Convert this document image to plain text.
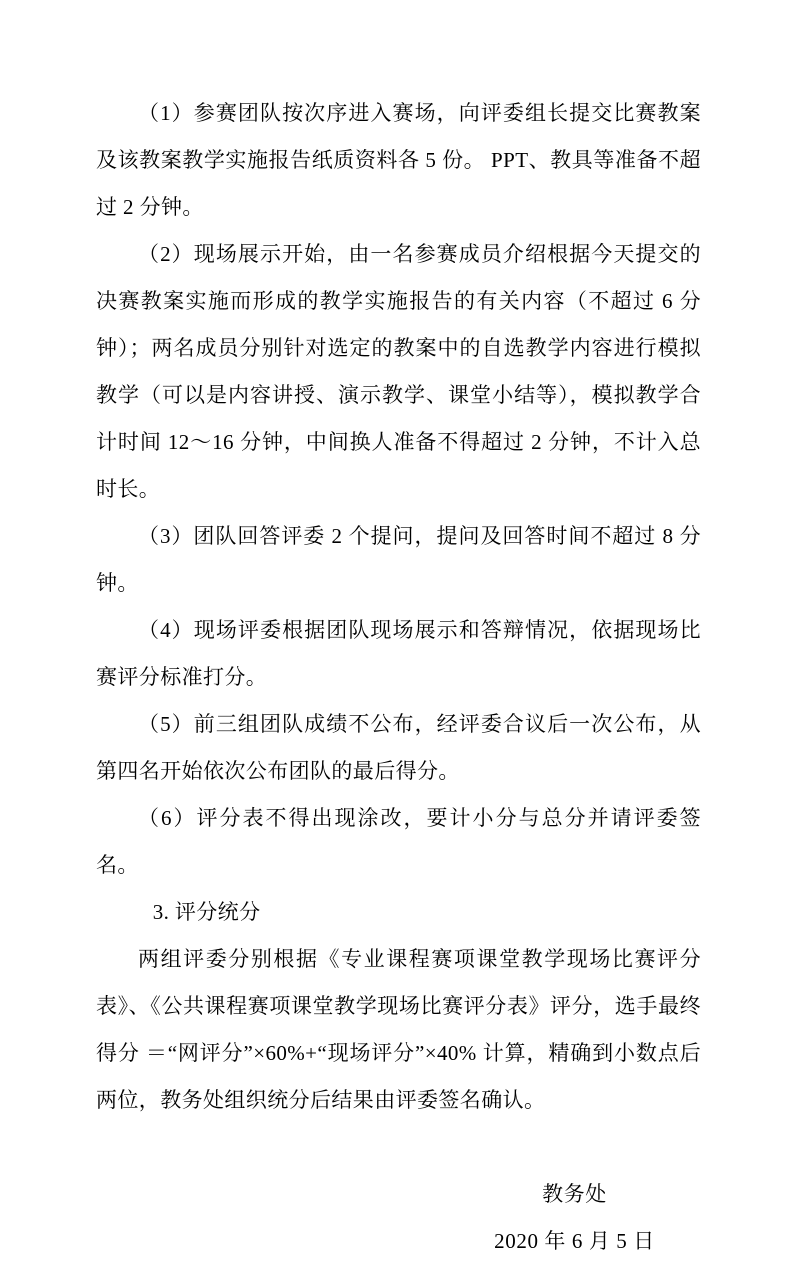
（1）参赛团队按次序进入赛场，向评委组长提交比赛教案及该教案教学实施报告纸质资料各 5 份。 PPT、教具等准备不超过 2 分钟。

（2）现场展示开始，由一名参赛成员介绍根据今天提交的决赛教案实施而形成的教学实施报告的有关内容（不超过 6 分钟）；两名成员分别针对选定的教案中的自选教学内容进行模拟教学（可以是内容讲授、演示教学、课堂小结等），模拟教学合计时间 12～16 分钟，中间换人准备不得超过 2 分钟，不计入总时长。

（3）团队回答评委 2 个提问，提问及回答时间不超过 8 分钟。

（4）现场评委根据团队现场展示和答辩情况，依据现场比赛评分标准打分。

（5）前三组团队成绩不公布，经评委合议后一次公布，从第四名开始依次公布团队的最后得分。

（6）评分表不得出现涂改，要计小分与总分并请评委签名。

3. 评分统分

两组评委分别根据《专业课程赛项课堂教学现场比赛评分表》、《公共课程赛项课堂教学现场比赛评分表》评分，选手最终得分 ＝“网评分”×60%+“现场评分”×40% 计算，精确到小数点后两位，教务处组织统分后结果由评委签名确认。

教务处

2020 年 6 月 5 日
